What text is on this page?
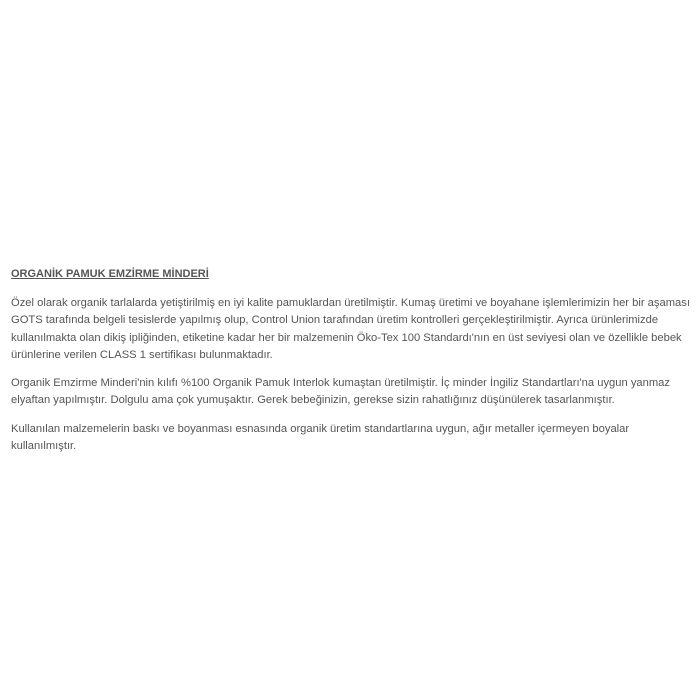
ORGANİK PAMUK EMZİRME MİNDERİ

Özel olarak organik tarlalarda yetiştirilmiş en iyi kalite pamuklardan üretilmiştir. Kumaş üretimi ve boyahane işlemlerimizin her bir aşaması GOTS tarafında belgeli tesislerde yapılmış olup, Control Union tarafından üretim kontrolleri gerçekleştirilmiştir. Ayrıca ürünlerimizde kullanılmakta olan dikiş ipliğinden, etiketine kadar her bir malzemenin Öko-Tex 100 Standardı'nın en üst seviyesi olan ve özellikle bebek ürünlerine verilen CLASS 1 sertifikası bulunmaktadır.

Organik Emzirme Minderi'nin kılıfı %100 Organik Pamuk Interlok kumaştan üretilmiştir. İç minder İngiliz Standartları'na uygun yanmaz elyaftan yapılmıştır. Dolgulu ama çok yumuşaktır. Gerek bebeğinizin, gerekse sizin rahatlığınız düşünülerek tasarlanmıştır.

Kullanılan malzemelerin baskı ve boyanması esnasında organik üretim standartlarına uygun, ağır metaller içermeyen boyalar kullanılmıştır.
